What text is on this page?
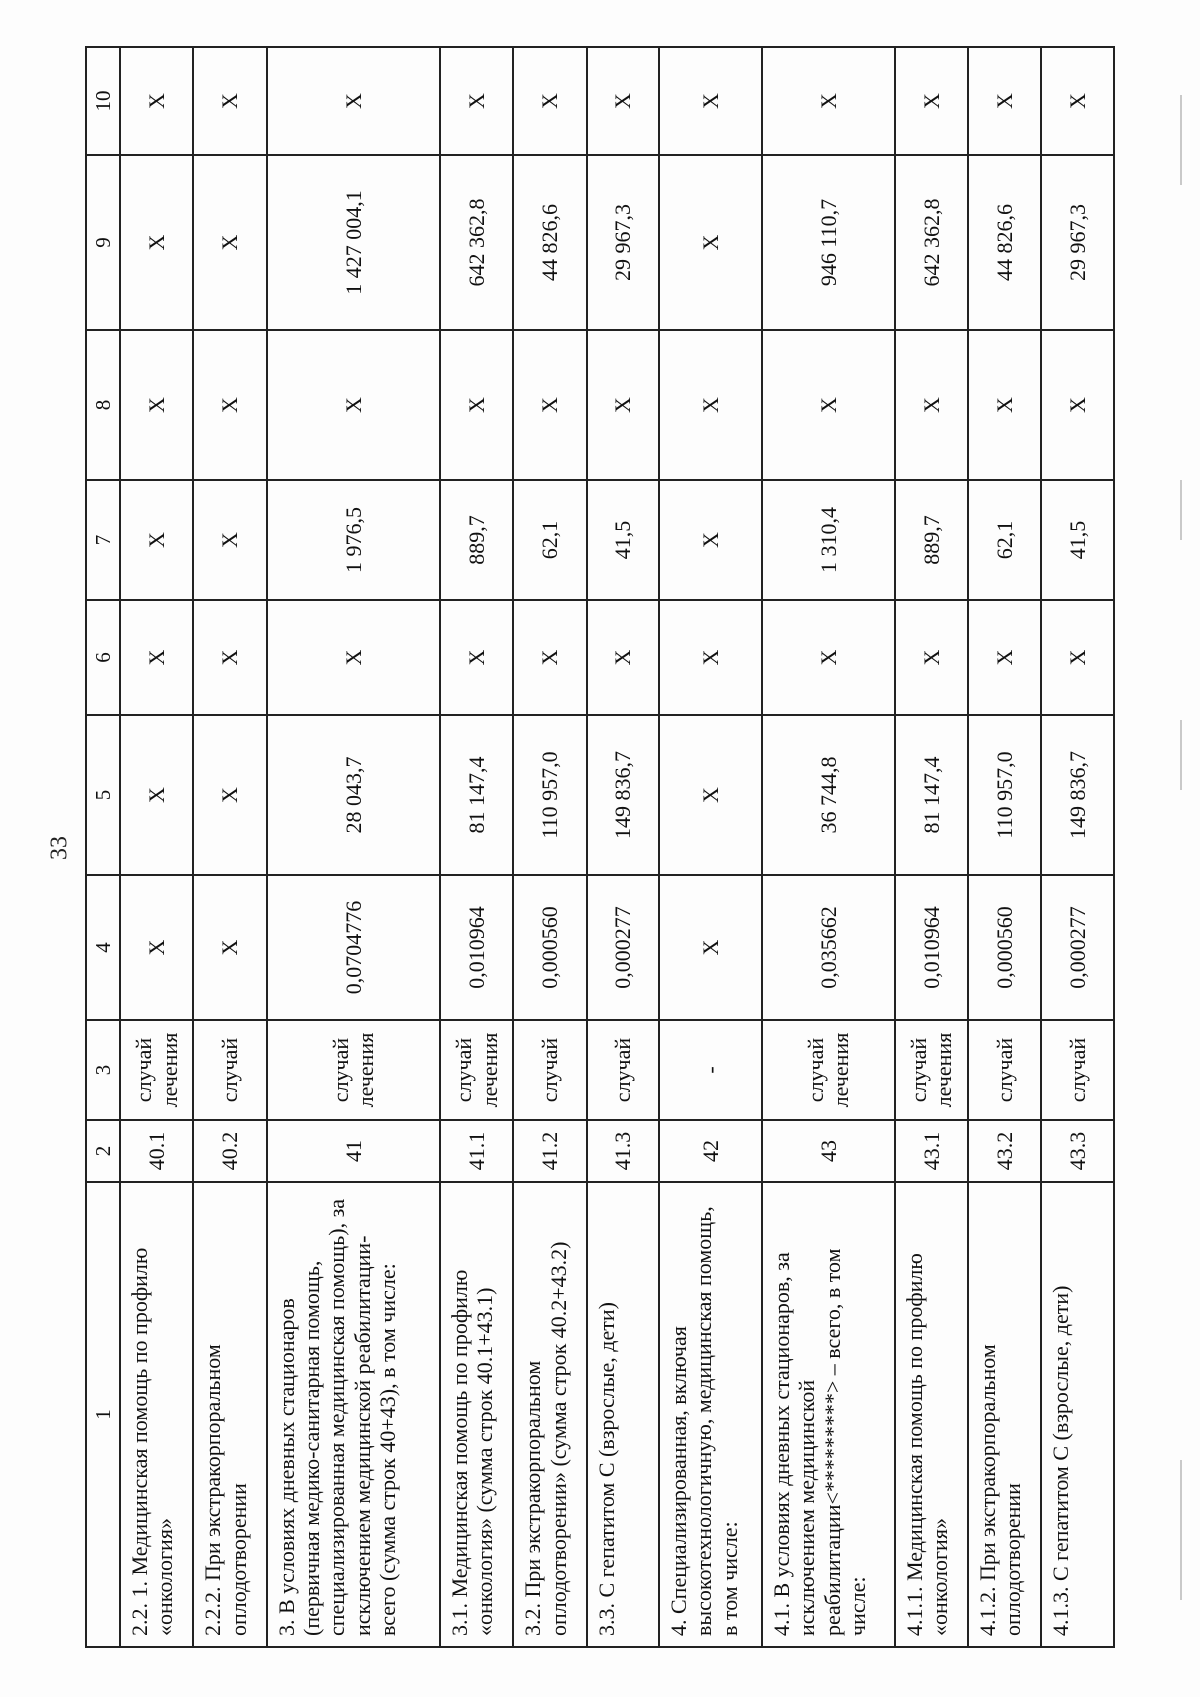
33
1	2	3	4	5	6	7	8	9	10
2.2. 1. Медицинская помощь по профилю «онкология»	40.1	случай лечения	X	X	X	X	X	X	X
2.2.2. При экстракорпоральном оплодотворении	40.2	случай	X	X	X	X	X	X	X
3. В условиях дневных стационаров (первичная медико-санитарная помощь, специализированная медицинская помощь), за исключением медицинской реабилитации-всего (сумма строк 40+43), в том числе:	41	случай лечения	0,0704776	28 043,7	X	1 976,5	X	1 427 004,1	X
3.1. Медицинская помощь по профилю «онкология» (сумма строк 40.1+43.1)	41.1	случай лечения	0,010964	81 147,4	X	889,7	X	642 362,8	X
3.2. При экстракорпоральном оплодотворении» (сумма строк 40.2+43.2)	41.2	случай	0,000560	110 957,0	X	62,1	X	44 826,6	X
3.3. С гепатитом С (взрослые, дети)	41.3	случай	0,000277	149 836,7	X	41,5	X	29 967,3	X
4. Специализированная, включая высокотехнологичную, медицинская помощь, в том числе:	42	-	X	X	X	X	X	X	X
4.1. В условиях дневных стационаров, за исключением медицинской реабилитации<*********> – всего, в том числе:	43	случай лечения	0,035662	36 744,8	X	1 310,4	X	946 110,7	X
4.1.1. Медицинская помощь по профилю «онкология»	43.1	случай лечения	0,010964	81 147,4	X	889,7	X	642 362,8	X
4.1.2. При экстракорпоральном оплодотворении	43.2	случай	0,000560	110 957,0	X	62,1	X	44 826,6	X
4.1.3. С гепатитом С (взрослые, дети)	43.3	случай	0,000277	149 836,7	X	41,5	X	29 967,3	X
